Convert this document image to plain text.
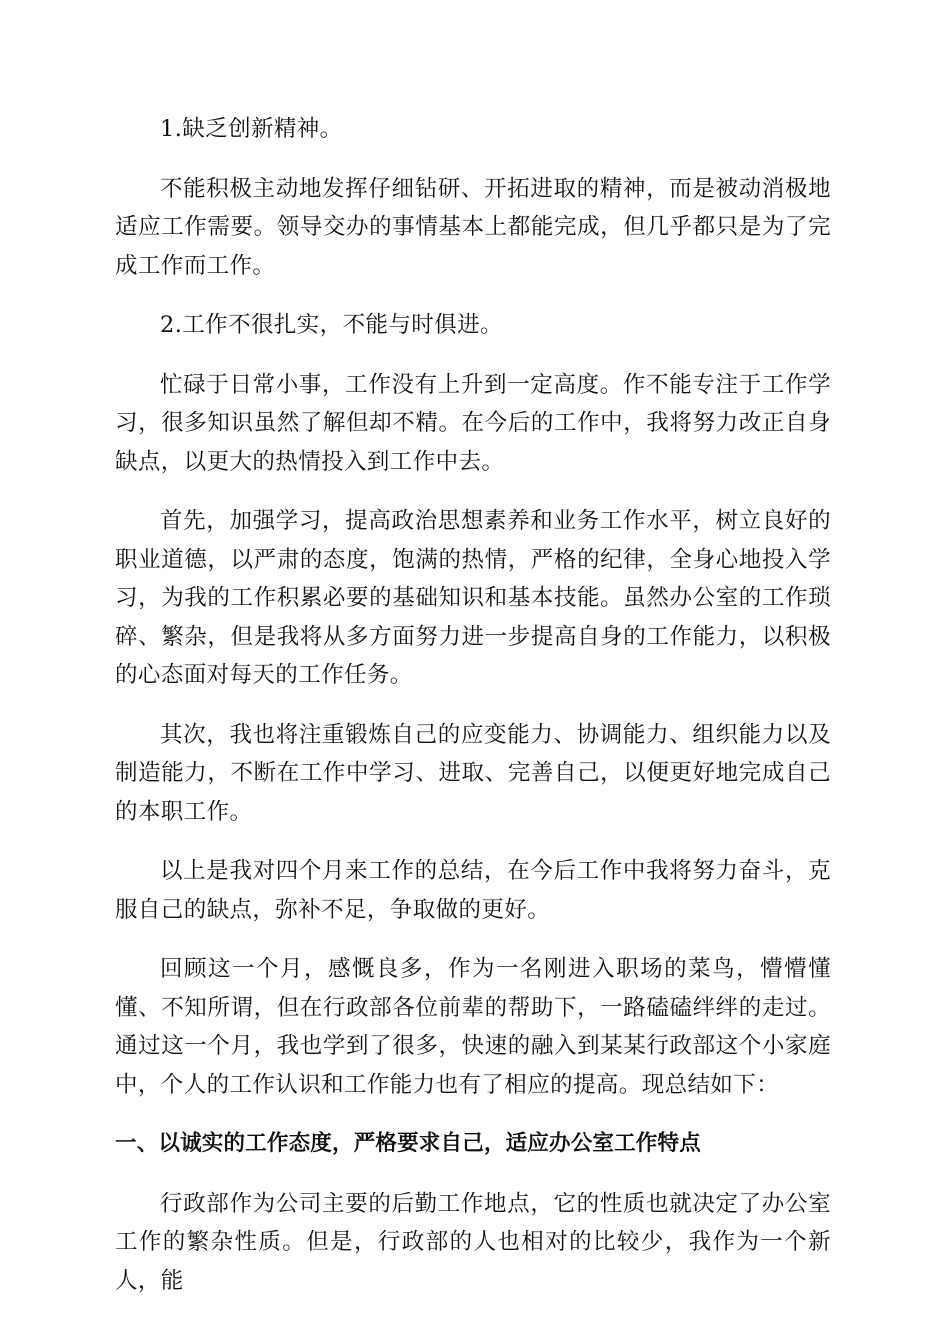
1.缺乏创新精神。

不能积极主动地发挥仔细钻研、开拓进取的精神，而是被动消极地适应工作需要。领导交办的事情基本上都能完成，但几乎都只是为了完成工作而工作。

2.工作不很扎实，不能与时俱进。

忙碌于日常小事，工作没有上升到一定高度。作不能专注于工作学习，很多知识虽然了解但却不精。在今后的工作中，我将努力改正自身缺点，以更大的热情投入到工作中去。

首先，加强学习，提高政治思想素养和业务工作水平，树立良好的职业道德，以严肃的态度，饱满的热情，严格的纪律，全身心地投入学习，为我的工作积累必要的基础知识和基本技能。虽然办公室的工作琐碎、繁杂，但是我将从多方面努力进一步提高自身的工作能力，以积极的心态面对每天的工作任务。

其次，我也将注重锻炼自己的应变能力、协调能力、组织能力以及制造能力，不断在工作中学习、进取、完善自己，以便更好地完成自己的本职工作。

以上是我对四个月来工作的总结，在今后工作中我将努力奋斗，克服自己的缺点，弥补不足，争取做的更好。

回顾这一个月，感慨良多，作为一名刚进入职场的菜鸟，懵懵懂懂、不知所谓，但在行政部各位前辈的帮助下，一路磕磕绊绊的走过。通过这一个月，我也学到了很多，快速的融入到某某行政部这个小家庭中，个人的工作认识和工作能力也有了相应的提高。现总结如下：

一、以诚实的工作态度，严格要求自己，适应办公室工作特点

行政部作为公司主要的后勤工作地点，它的性质也就决定了办公室工作的繁杂性质。但是，行政部的人也相对的比较少，我作为一个新人，能
